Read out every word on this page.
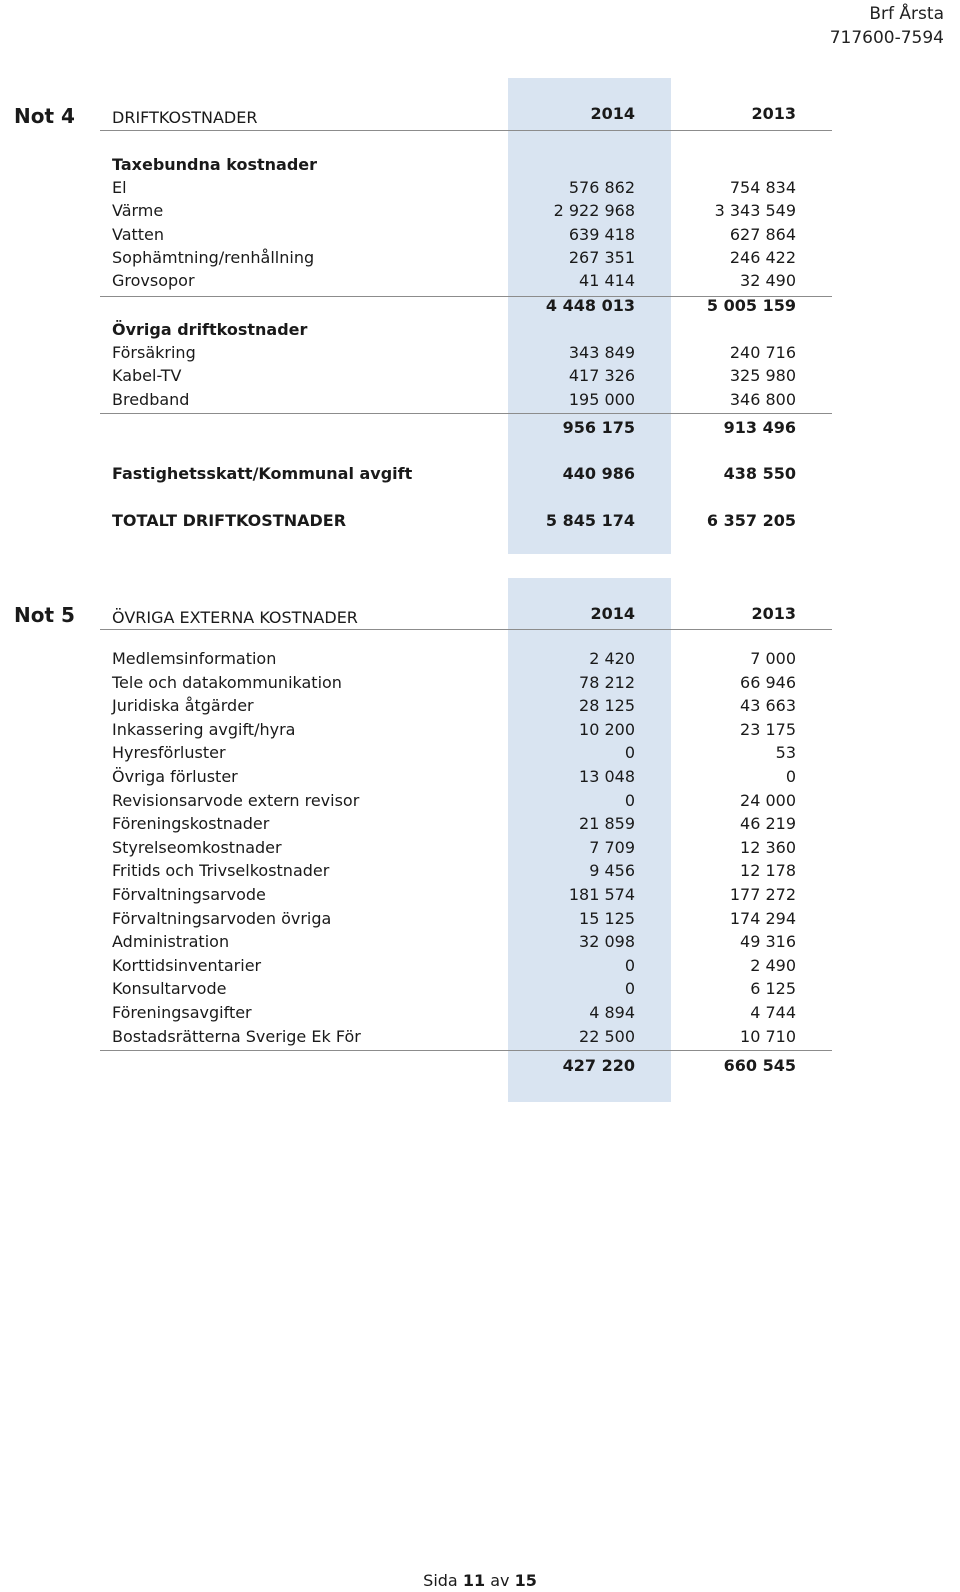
Brf Årsta
717600-7594
Not 4 DRIFTKOSTNADER	2014	2013
Taxebundna kostnader
El	576 862	754 834
Värme	2 922 968	3 343 549
Vatten	639 418	627 864
Sophämtning/renhållning	267 351	246 422
Grovsopor	41 414	32 490
4 448 013	5 005 159
Övriga driftkostnader
Försäkring	343 849	240 716
Kabel-TV	417 326	325 980
Bredband	195 000	346 800
956 175	913 496
Fastighetsskatt/Kommunal avgift	440 986	438 550
TOTALT DRIFTKOSTNADER	5 845 174	6 357 205
Not 5 ÖVRIGA EXTERNA KOSTNADER	2014	2013
Medlemsinformation	2 420	7 000
Tele och datakommunikation	78 212	66 946
Juridiska åtgärder	28 125	43 663
Inkassering avgift/hyra	10 200	23 175
Hyresförluster	0	53
Övriga förluster	13 048	0
Revisionsarvode extern revisor	0	24 000
Föreningskostnader	21 859	46 219
Styrelseomkostnader	7 709	12 360
Fritids och Trivselkostnader	9 456	12 178
Förvaltningsarvode	181 574	177 272
Förvaltningsarvoden övriga	15 125	174 294
Administration	32 098	49 316
Korttidsinventarier	0	2 490
Konsultarvode	0	6 125
Föreningsavgifter	4 894	4 744
Bostadsrätterna Sverige Ek För	22 500	10 710
427 220	660 545
Sida 11 av 15
